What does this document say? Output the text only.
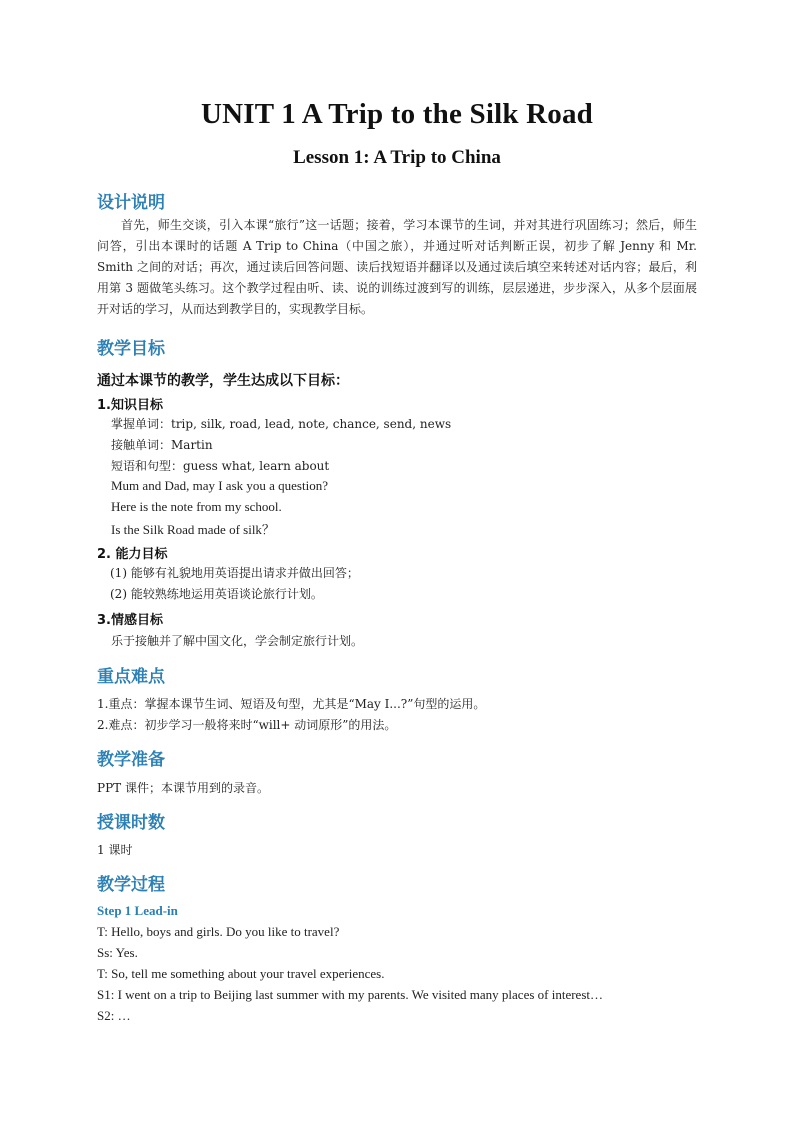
UNIT 1 A Trip to the Silk Road
Lesson 1: A Trip to China
设计说明

首先，师生交谈，引入本课“旅行”这一话题；接着，学习本课节的生词，并对其进行巩固练习；然后，师生问答，引出本课时的话题 A Trip to China（中国之旅），并通过听对话判断正误，初步了解 Jenny 和 Mr. Smith 之间的对话；再次，通过读后回答问题、读后找短语并翻译以及通过读后填空来转述对话内容；最后，利用第 3 题做笔头练习。这个教学过程由听、读、说的训练过渡到写的训练，层层递进，步步深入，从多个层面展开对话的学习，从而达到教学目的，实现教学目标。

教学目标
通过本课节的教学，学生达成以下目标：
1.知识目标
掌握单词：trip, silk, road, lead, note, chance, send, news
接触单词：Martin
短语和句型：guess what, learn about
Mum and Dad, may I ask you a question?
Here is the note from my school.
Is the Silk Road made of silk？
2. 能力目标
(1) 能够有礼貌地用英语提出请求并做出回答；
(2) 能较熟练地运用英语谈论旅行计划。
3.情感目标
乐于接触并了解中国文化，学会制定旅行计划。
重点难点
1.重点：掌握本课节生词、短语及句型，尤其是“May I...?”句型的运用。
2.难点：初步学习一般将来时“will+ 动词原形”的用法。
教学准备
PPT 课件；本课节用到的录音。
授课时数
1 课时
教学过程
Step 1 Lead-in
T: Hello, boys and girls. Do you like to travel?
Ss: Yes.
T: So, tell me something about your travel experiences.
S1: I went on a trip to Beijing last summer with my parents. We visited many places of interest…
S2: …
